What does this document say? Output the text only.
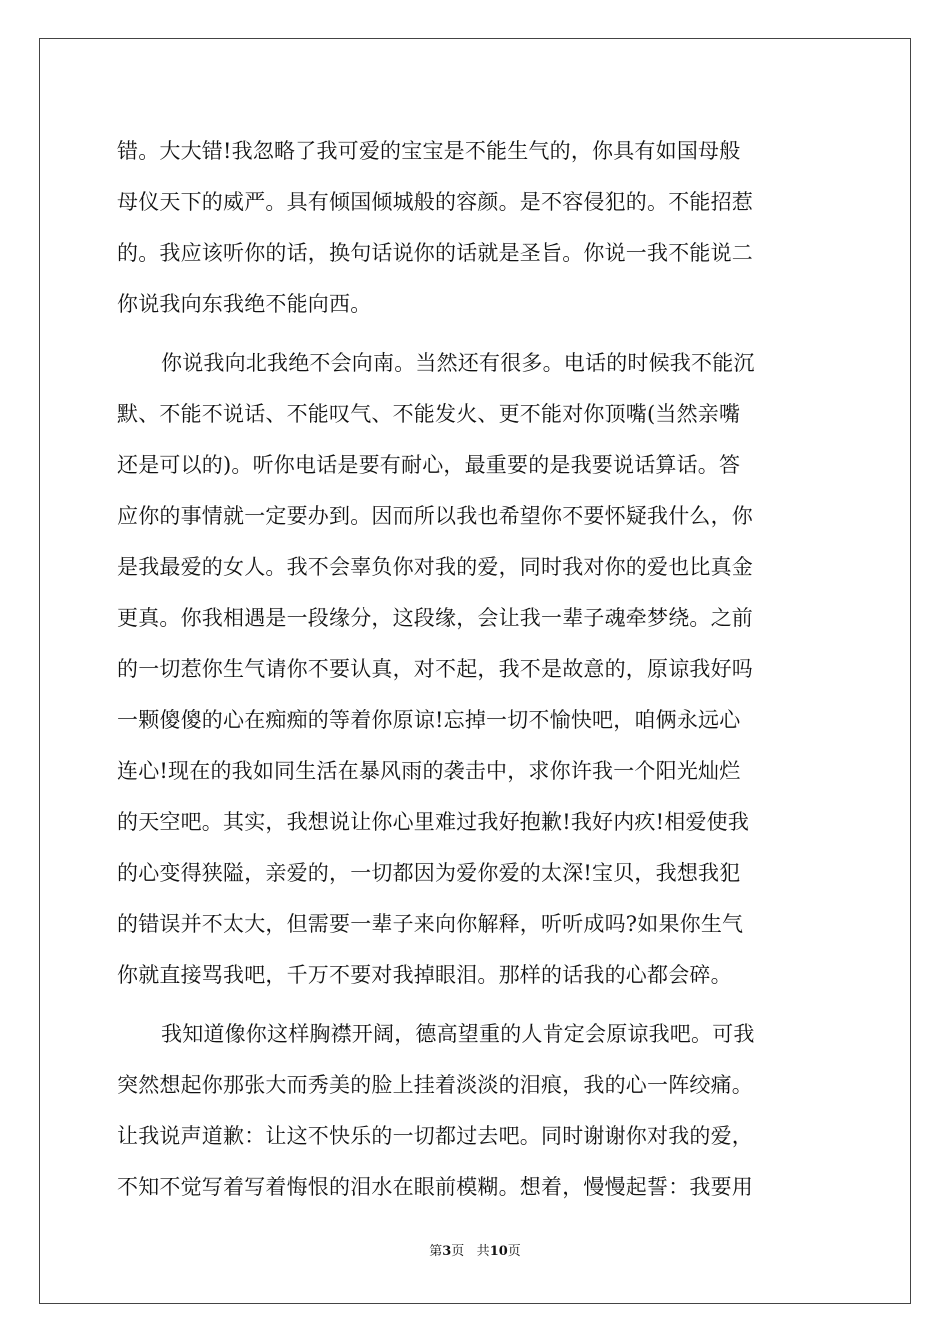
错。大大错!我忽略了我可爱的宝宝是不能生气的，你具有如国母般
母仪天下的威严。具有倾国倾城般的容颜。是不容侵犯的。不能招惹
的。我应该听你的话，换句话说你的话就是圣旨。你说一我不能说二
你说我向东我绝不能向西。
你说我向北我绝不会向南。当然还有很多。电话的时候我不能沉
默、不能不说话、不能叹气、不能发火、更不能对你顶嘴(当然亲嘴
还是可以的)。听你电话是要有耐心，最重要的是我要说话算话。答
应你的事情就一定要办到。因而所以我也希望你不要怀疑我什么，你
是我最爱的女人。我不会辜负你对我的爱，同时我对你的爱也比真金
更真。你我相遇是一段缘分，这段缘，会让我一辈子魂牵梦绕。之前
的一切惹你生气请你不要认真，对不起，我不是故意的，原谅我好吗
一颗傻傻的心在痴痴的等着你原谅!忘掉一切不愉快吧，咱俩永远心
连心!现在的我如同生活在暴风雨的袭击中，求你许我一个阳光灿烂
的天空吧。其实，我想说让你心里难过我好抱歉!我好内疚!相爱使我
的心变得狭隘，亲爱的，一切都因为爱你爱的太深!宝贝，我想我犯
的错误并不太大，但需要一辈子来向你解释，听听成吗?如果你生气
你就直接骂我吧，千万不要对我掉眼泪。那样的话我的心都会碎。
我知道像你这样胸襟开阔，德高望重的人肯定会原谅我吧。可我
突然想起你那张大而秀美的脸上挂着淡淡的泪痕，我的心一阵绞痛。
让我说声道歉：让这不快乐的一切都过去吧。同时谢谢你对我的爱，
不知不觉写着写着悔恨的泪水在眼前模糊。想着，慢慢起誓：我要用
第3页 共10页
